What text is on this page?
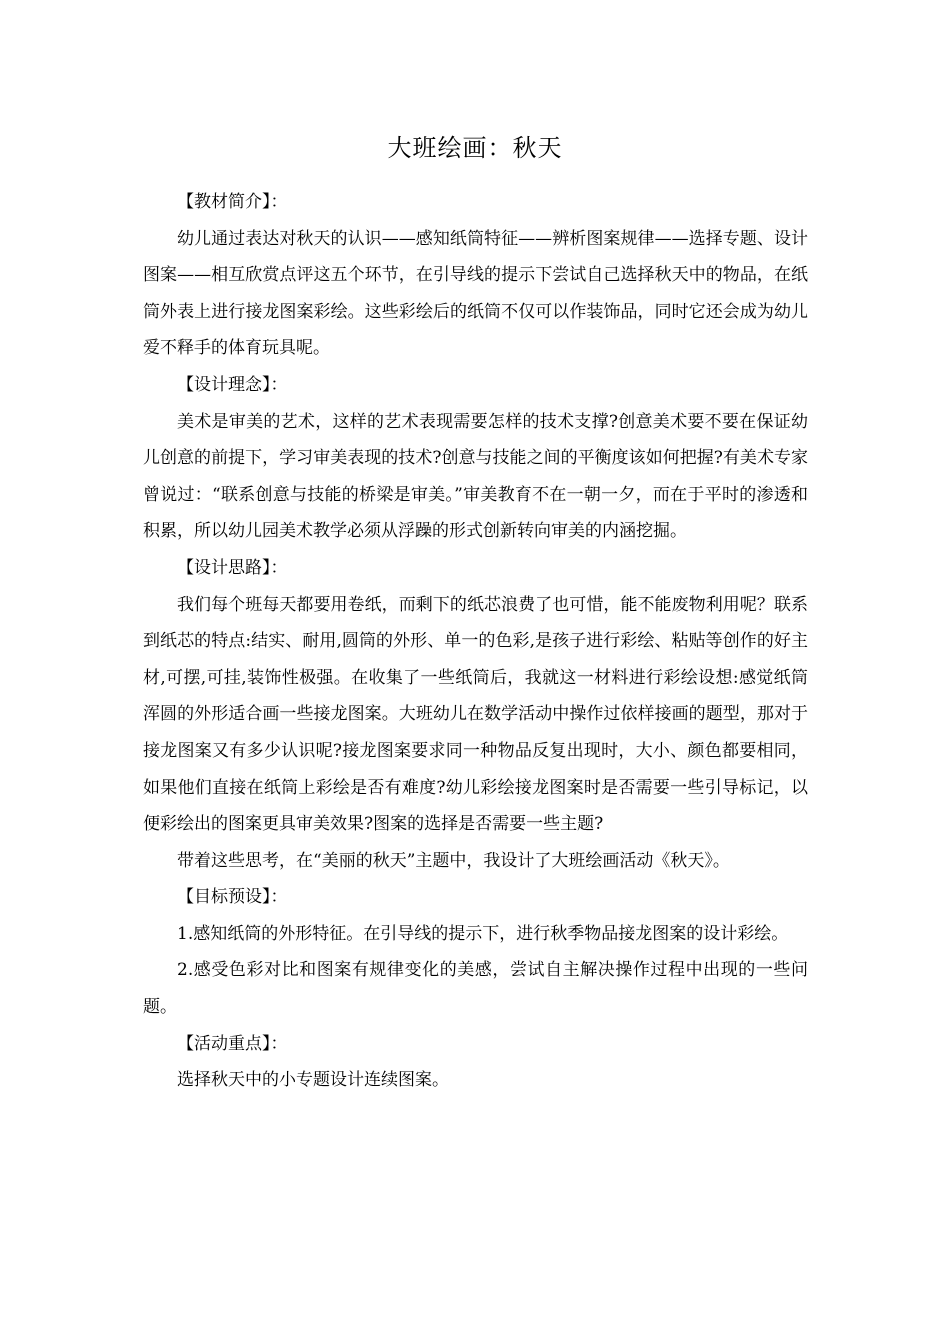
大班绘画：秋天

【教材简介】：

幼儿通过表达对秋天的认识——感知纸筒特征——辨析图案规律——选择专题、设计图案——相互欣赏点评这五个环节，在引导线的提示下尝试自己选择秋天中的物品，在纸筒外表上进行接龙图案彩绘。这些彩绘后的纸筒不仅可以作装饰品，同时它还会成为幼儿爱不释手的体育玩具呢。

【设计理念】：

美术是审美的艺术，这样的艺术表现需要怎样的技术支撑?创意美术要不要在保证幼儿创意的前提下，学习审美表现的技术?创意与技能之间的平衡度该如何把握?有美术专家曾说过：“联系创意与技能的桥梁是审美。”审美教育不在一朝一夕，而在于平时的渗透和积累，所以幼儿园美术教学必须从浮躁的形式创新转向审美的内涵挖掘。

【设计思路】：

我们每个班每天都要用卷纸，而剩下的纸芯浪费了也可惜，能不能废物利用呢？联系到纸芯的特点:结实、耐用,圆筒的外形、单一的色彩,是孩子进行彩绘、粘贴等创作的好主材,可摆,可挂,装饰性极强。在收集了一些纸筒后，我就这一材料进行彩绘设想:感觉纸筒浑圆的外形适合画一些接龙图案。大班幼儿在数学活动中操作过依样接画的题型，那对于接龙图案又有多少认识呢?接龙图案要求同一种物品反复出现时，大小、颜色都要相同，如果他们直接在纸筒上彩绘是否有难度?幼儿彩绘接龙图案时是否需要一些引导标记，以便彩绘出的图案更具审美效果?图案的选择是否需要一些主题?

带着这些思考，在“美丽的秋天”主题中，我设计了大班绘画活动《秋天》。

【目标预设】：

1.感知纸筒的外形特征。在引导线的提示下，进行秋季物品接龙图案的设计彩绘。

2.感受色彩对比和图案有规律变化的美感，尝试自主解决操作过程中出现的一些问题。

【活动重点】：

选择秋天中的小专题设计连续图案。
